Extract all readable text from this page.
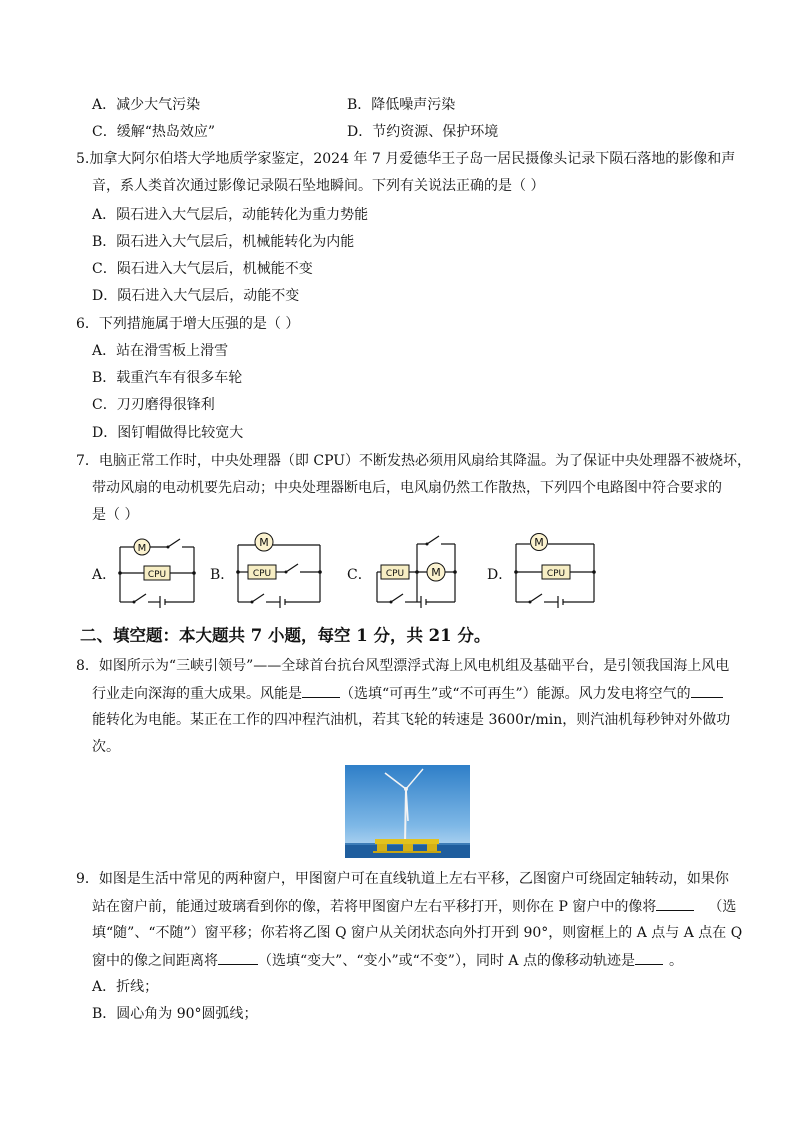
A．减少大气污染	B．降低噪声污染
C．缓解“热岛效应”	D．节约资源、保护环境
5.加拿大阿尔伯塔大学地质学家鉴定，2024 年 7 月爱德华王子岛一居民摄像头记录下陨石落地的影像和声
音，系人类首次通过影像记录陨石坠地瞬间。下列有关说法正确的是（ ）
A．陨石进入大气层后，动能转化为重力势能
B．陨石进入大气层后，机械能转化为内能
C．陨石进入大气层后，机械能不变
D．陨石进入大气层后，动能不变
6．下列措施属于增大压强的是（ ）
A．站在滑雪板上滑雪
B．载重汽车有很多车轮
C．刀刃磨得很锋利
D．图钉帽做得比较宽大
7．电脑正常工作时，中央处理器（即 CPU）不断发热必须用风扇给其降温。为了保证中央处理器不被烧坏，
带动风扇的电动机要先启动；中央处理器断电后，电风扇仍然工作散热，下列四个电路图中符合要求的
是（ ）
A．
M
CPU	B．
M
CPU	C． CPU M	D．
M
CPU
二、填空题：本大题共 7 小题，每空 1 分，共 21 分。
8．如图所示为“三峡引领号”——全球首台抗台风型漂浮式海上风电机组及基础平台，是引领我国海上风电
行业走向深海的重大成果。风能是	（选填“可再生”或“不可再生”）能源。风力发电将空气的
能转化为电能。某正在工作的四冲程汽油机，若其飞轮的转速是 3600r/min，则汽油机每秒钟对外做功
次。
9．如图是生活中常见的两种窗户，甲图窗户可在直线轨道上左右平移，乙图窗户可绕固定轴转动，如果你
站在窗户前，能通过玻璃看到你的像，若将甲图窗户左右平移打开，则你在 P 窗户中的像将	（选
填“随”、“不随”）窗平移；你若将乙图 Q 窗户从关闭状态向外打开到 90°，则窗框上的 A 点与 A 点在 Q
窗中的像之间距离将	（选填“变大”、“变小”或“不变”），同时 A 点的像移动轨迹是 。
A．折线；
B．圆心角为 90°圆弧线；
